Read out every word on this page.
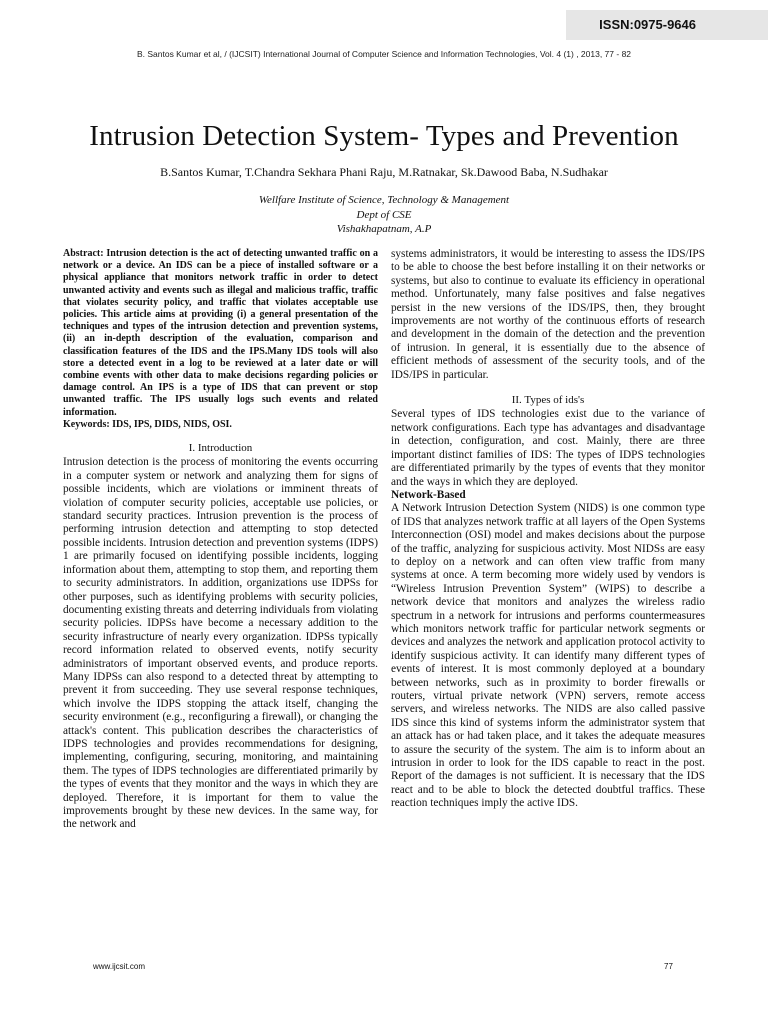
ISSN:0975-9646
B. Santos Kumar et al, / (IJCSIT) International Journal of Computer Science and Information Technologies, Vol. 4 (1) , 2013, 77 - 82
Intrusion Detection System- Types and Prevention
B.Santos Kumar, T.Chandra Sekhara Phani Raju, M.Ratnakar, Sk.Dawood Baba, N.Sudhakar
Wellfare Institute of Science, Technology & Management
Dept of CSE
Vishakhapatnam, A.P

Abstract: Intrusion detection is the act of detecting unwanted traffic on a network or a device. An IDS can be a piece of installed software or a physical appliance that monitors network traffic in order to detect unwanted activity and events such as illegal and malicious traffic, traffic that violates security policy, and traffic that violates acceptable use policies. This article aims at providing (i) a general presentation of the techniques and types of the intrusion detection and prevention systems, (ii) an in-depth description of the evaluation, comparison and classification features of the IDS and the IPS.Many IDS tools will also store a detected event in a log to be reviewed at a later date or will combine events with other data to make decisions regarding policies or damage control. An IPS is a type of IDS that can prevent or stop unwanted traffic. The IPS usually logs such events and related information.

Keywords: IDS, IPS, DIDS, NIDS, OSI.

I. Introduction

Intrusion detection is the process of monitoring the events occurring in a computer system or network and analyzing them for signs of possible incidents, which are violations or imminent threats of violation of computer security policies, acceptable use policies, or standard security practices. Intrusion prevention is the process of performing intrusion detection and attempting to stop detected possible incidents. Intrusion detection and prevention systems (IDPS) 1 are primarily focused on identifying possible incidents, logging information about them, attempting to stop them, and reporting them to security administrators. In addition, organizations use IDPSs for other purposes, such as identifying problems with security policies, documenting existing threats and deterring individuals from violating security policies. IDPSs have become a necessary addition to the security infrastructure of nearly every organization. IDPSs typically record information related to observed events, notify security administrators of important observed events, and produce reports. Many IDPSs can also respond to a detected threat by attempting to prevent it from succeeding. They use several response techniques, which involve the IDPS stopping the attack itself, changing the security environment (e.g., reconfiguring a firewall), or changing the attack's content. This publication describes the characteristics of IDPS technologies and provides recommendations for designing, implementing, configuring, securing, monitoring, and maintaining them. The types of IDPS technologies are differentiated primarily by the types of events that they monitor and the ways in which they are deployed. Therefore, it is important for them to value the improvements brought by these new devices. In the same way, for the network and

systems administrators, it would be interesting to assess the IDS/IPS to be able to choose the best before installing it on their networks or systems, but also to continue to evaluate its efficiency in operational method. Unfortunately, many false positives and false negatives persist in the new versions of the IDS/IPS, then, they brought improvements are not worthy of the continuous efforts of research and development in the domain of the detection and the prevention of intrusion. In general, it is essentially due to the absence of efficient methods of assessment of the security tools, and of the IDS/IPS in particular.

II. Types of ids's

Several types of IDS technologies exist due to the variance of network configurations. Each type has advantages and disadvantage in detection, configuration, and cost. Mainly, there are three important distinct families of IDS: The types of IDPS technologies are differentiated primarily by the types of events that they monitor and the ways in which they are deployed.

Network-Based

A Network Intrusion Detection System (NIDS) is one common type of IDS that analyzes network traffic at all layers of the Open Systems Interconnection (OSI) model and makes decisions about the purpose of the traffic, analyzing for suspicious activity. Most NIDSs are easy to deploy on a network and can often view traffic from many systems at once. A term becoming more widely used by vendors is “Wireless Intrusion Prevention System” (WIPS) to describe a network device that monitors and analyzes the wireless radio spectrum in a network for intrusions and performs countermeasures which monitors network traffic for particular network segments or devices and analyzes the network and application protocol activity to identify suspicious activity. It can identify many different types of events of interest. It is most commonly deployed at a boundary between networks, such as in proximity to border firewalls or routers, virtual private network (VPN) servers, remote access servers, and wireless networks. The NIDS are also called passive IDS since this kind of systems inform the administrator system that an attack has or had taken place, and it takes the adequate measures to assure the security of the system. The aim is to inform about an intrusion in order to look for the IDS capable to react in the post. Report of the damages is not sufficient. It is necessary that the IDS react and to be able to block the detected doubtful traffics. These reaction techniques imply the active IDS.

www.ijcsit.com	77
